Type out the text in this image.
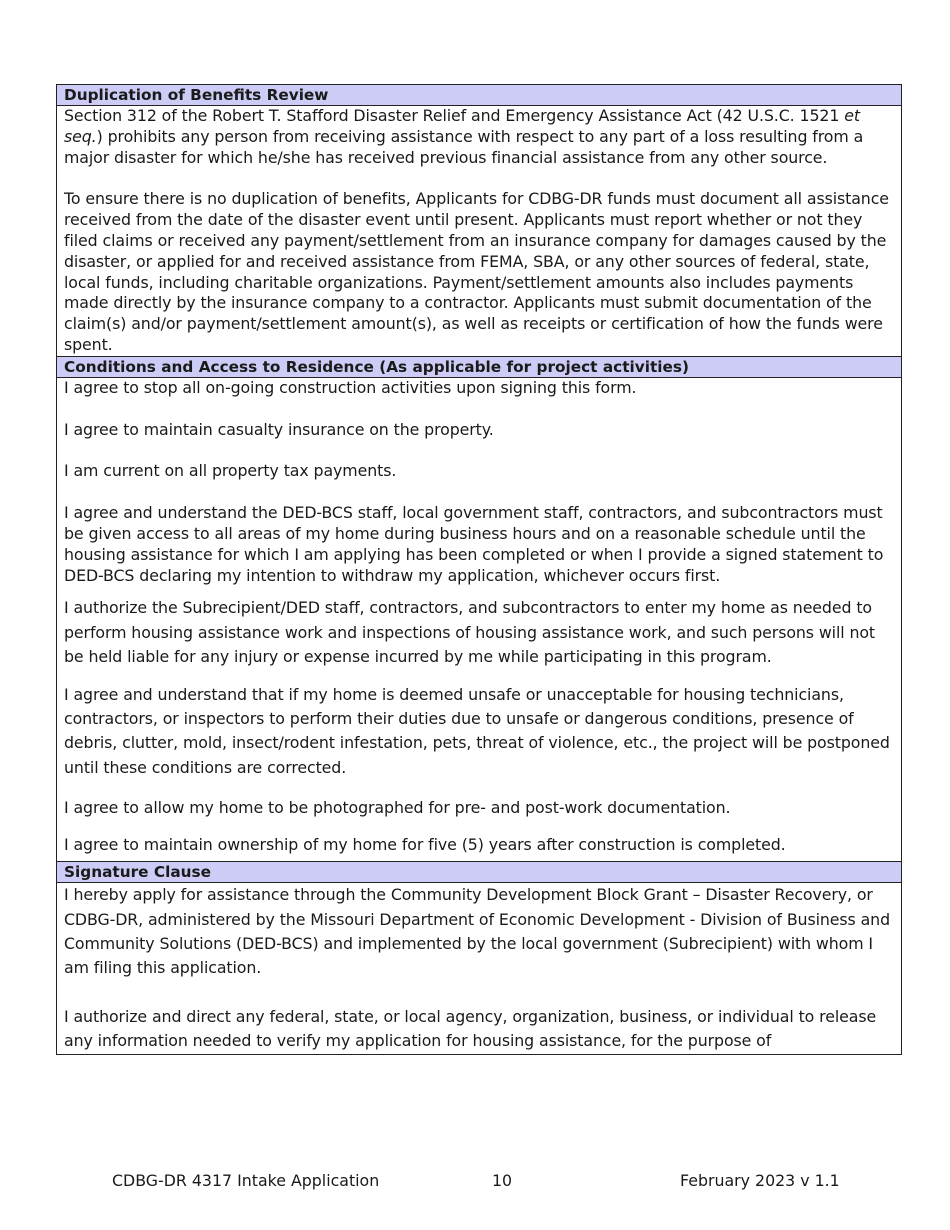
Duplication of Benefits Review

Section 312 of the Robert T. Stafford Disaster Relief and Emergency Assistance Act (42 U.S.C. 1521 et seq.) prohibits any person from receiving assistance with respect to any part of a loss resulting from a major disaster for which he/she has received previous financial assistance from any other source.

To ensure there is no duplication of benefits, Applicants for CDBG-DR funds must document all assistance received from the date of the disaster event until present. Applicants must report whether or not they filed claims or received any payment/settlement from an insurance company for damages caused by the disaster, or applied for and received assistance from FEMA, SBA, or any other sources of federal, state, local funds, including charitable organizations. Payment/settlement amounts also includes payments made directly by the insurance company to a contractor. Applicants must submit documentation of the claim(s) and/or payment/settlement amount(s), as well as receipts or certification of how the funds were spent.

Conditions and Access to Residence (As applicable for project activities)

I agree to stop all on-going construction activities upon signing this form.

I agree to maintain casualty insurance on the property.

I am current on all property tax payments.

I agree and understand the DED-BCS staff, local government staff, contractors, and subcontractors must be given access to all areas of my home during business hours and on a reasonable schedule until the housing assistance for which I am applying has been completed or when I provide a signed statement to DED-BCS declaring my intention to withdraw my application, whichever occurs first.

I authorize the Subrecipient/DED staff, contractors, and subcontractors to enter my home as needed to perform housing assistance work and inspections of housing assistance work, and such persons will not be held liable for any injury or expense incurred by me while participating in this program.

I agree and understand that if my home is deemed unsafe or unacceptable for housing technicians, contractors, or inspectors to perform their duties due to unsafe or dangerous conditions, presence of debris, clutter, mold, insect/rodent infestation, pets, threat of violence, etc., the project will be postponed until these conditions are corrected.

I agree to allow my home to be photographed for pre- and post-work documentation.

I agree to maintain ownership of my home for five (5) years after construction is completed.

Signature Clause

I hereby apply for assistance through the Community Development Block Grant – Disaster Recovery, or CDBG-DR, administered by the Missouri Department of Economic Development - Division of Business and Community Solutions (DED-BCS) and implemented by the local government (Subrecipient) with whom I am filing this application.

I authorize and direct any federal, state, or local agency, organization, business, or individual to release any information needed to verify my application for housing assistance, for the purpose of

CDBG-DR 4317 Intake Application	10	February 2023 v 1.1
